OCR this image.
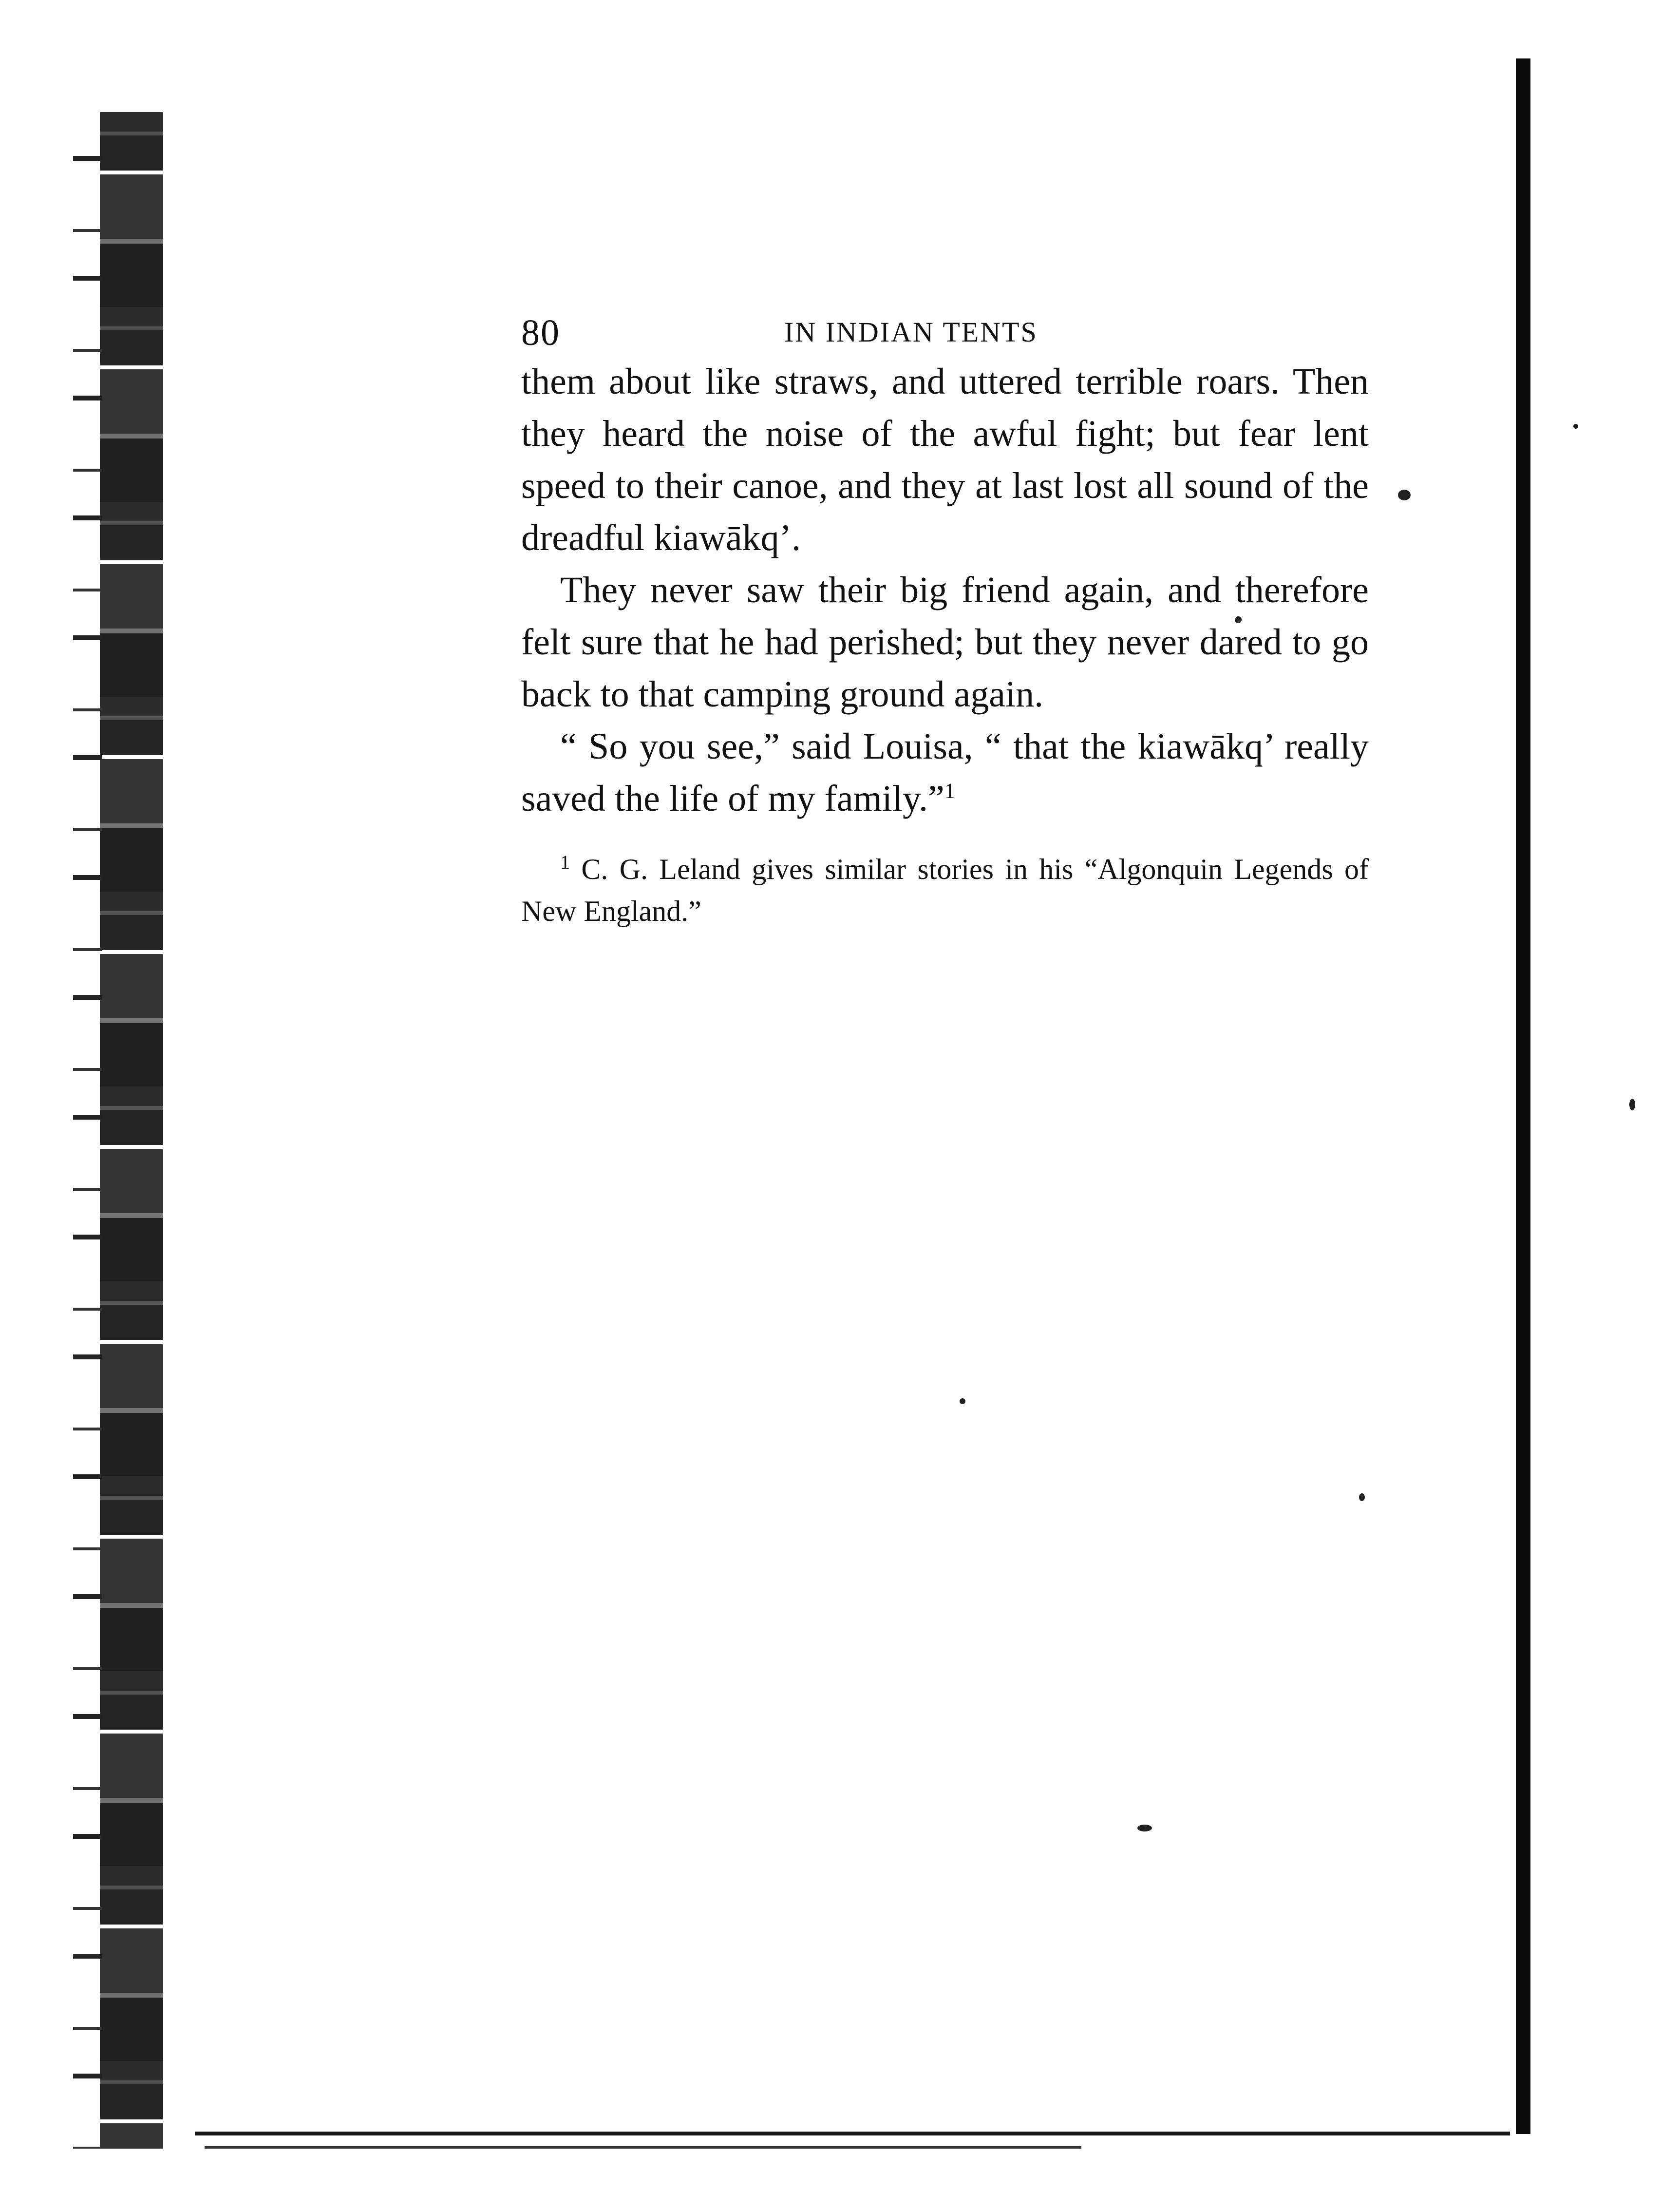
80	IN INDIAN TENTS

them about like straws, and uttered terrible roars. Then they heard the noise of the awful fight; but fear lent speed to their canoe, and they at last lost all sound of the dreadful kiawākq’.

They never saw their big friend again, and therefore felt sure that he had perished; but they never dared to go back to that camping ground again.

“ So you see,” said Louisa, “ that the kiawākq’ really saved the life of my family.”$^1$

$^1$ C. G. Leland gives similar stories in his “Algonquin Legends of New England.”
